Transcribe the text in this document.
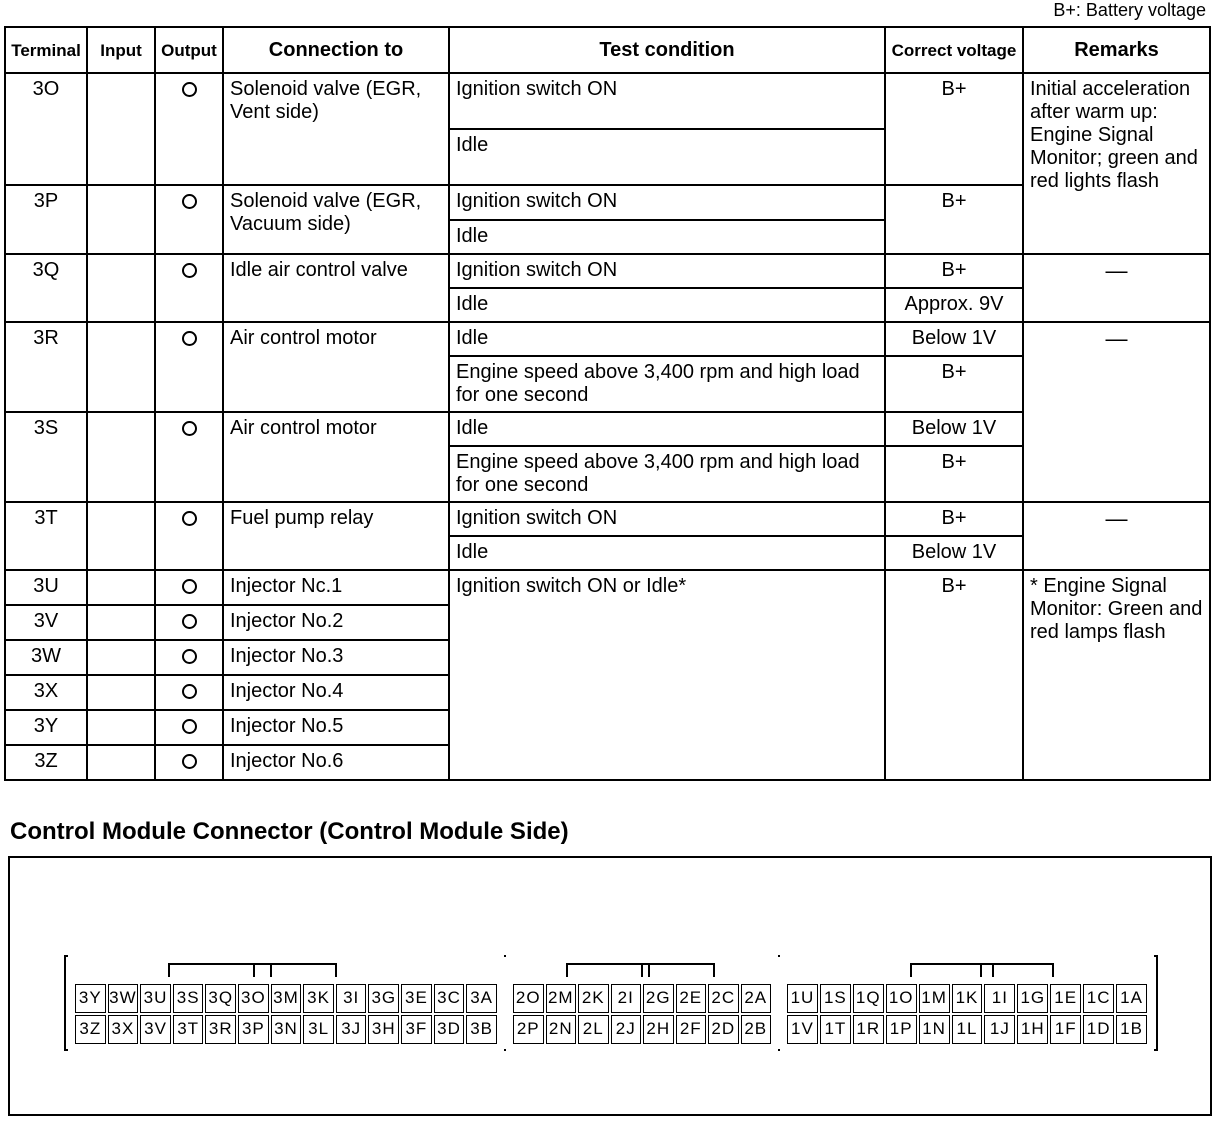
B+: Battery voltage
Terminal	Input	Output	Connection to	Test condition	Correct voltage	Remarks
3O			Solenoid valve (EGR, Vent side)	Ignition switch ON	B+	Initial acceleration after warm up: Engine Signal Monitor; green and red lights flash
				Idle		
3P			Solenoid valve (EGR, Vacuum side)	Ignition switch ON	B+	
				Idle		
3Q			Idle air control valve	Ignition switch ON	B+	—
				Idle	Approx. 9V	
3R			Air control motor	Idle	Below 1V	—
				Engine speed above 3,400 rpm and high load for one second	B+	
3S			Air control motor	Idle	Below 1V	
				Engine speed above 3,400 rpm and high load for one second	B+	
3T			Fuel pump relay	Ignition switch ON	B+	—
				Idle	Below 1V	
3U			Injector Nc.1	Ignition switch ON or Idle*	B+	* Engine Signal Monitor: Green and red lamps flash
3V			Injector No.2			
3W			Injector No.3			
3X			Injector No.4			
3Y			Injector No.5			
3Z			Injector No.6			
Control Module Connector (Control Module Side)
3Y 3W 3U 3S 3Q 3O 3M 3K 3I 3G 3E 3C 3A
3Z 3X 3V 3T 3R 3P 3N 3L 3J 3H 3F 3D 3B
2O 2M 2K 2I 2G 2E 2C 2A
2P 2N 2L 2J 2H 2F 2D 2B
1U 1S 1Q 1O 1M 1K 1I 1G 1E 1C 1A
1V 1T 1R 1P 1N 1L 1J 1H 1F 1D 1B
